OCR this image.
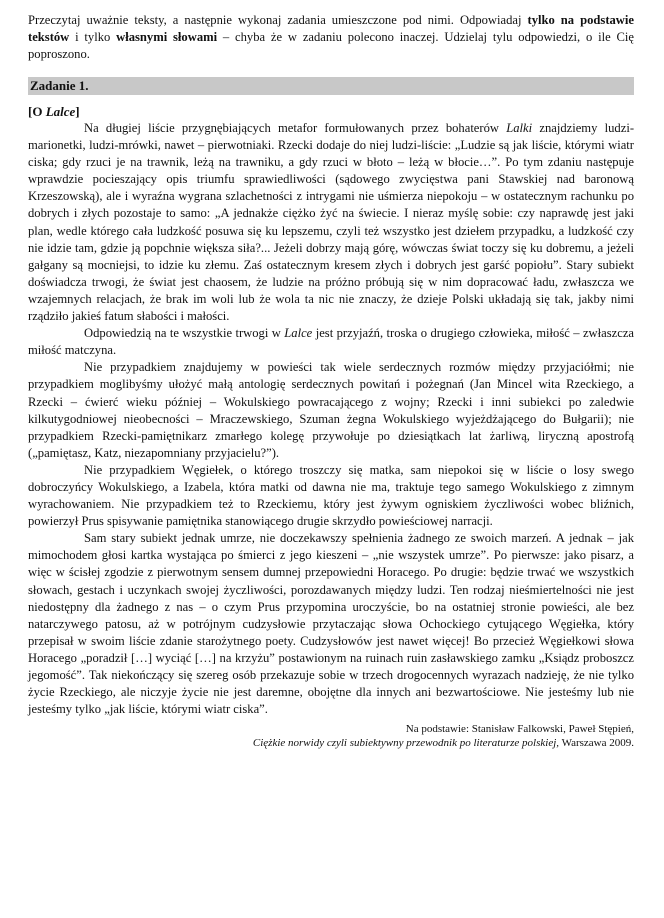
Przeczytaj uważnie teksty, a następnie wykonaj zadania umieszczone pod nimi. Odpowiadaj tylko na podstawie tekstów i tylko własnymi słowami – chyba że w zadaniu polecono inaczej. Udzielaj tylu odpowiedzi, o ile Cię poproszono.

Zadanie 1.
[O Lalce]

Na długiej liście przygnębiających metafor formułowanych przez bohaterów Lalki znajdziemy ludzi-marionetki, ludzi-mrówki, nawet – pierwotniaki. Rzecki dodaje do niej ludzi-liście: „Ludzie są jak liście, którymi wiatr ciska; gdy rzuci je na trawnik, leżą na trawniku, a gdy rzuci w błoto – leżą w błocie…”. Po tym zdaniu następuje wprawdzie pocieszający opis triumfu sprawiedliwości (sądowego zwycięstwa pani Stawskiej nad baronową Krzeszowską), ale i wyraźna wygrana szlachetności z intrygami nie uśmierza niepokoju – w ostatecznym rachunku po dobrych i złych pozostaje to samo: „A jednakże ciężko żyć na świecie. I nieraz myślę sobie: czy naprawdę jest jaki plan, wedle którego cała ludzkość posuwa się ku lepszemu, czyli też wszystko jest dziełem przypadku, a ludzkość czy nie idzie tam, gdzie ją popchnie większa siła?... Jeżeli dobrzy mają górę, wówczas świat toczy się ku dobremu, a jeżeli gałgany są mocniejsi, to idzie ku złemu. Zaś ostatecznym kresem złych i dobrych jest garść popiołu”. Stary subiekt doświadcza trwogi, że świat jest chaosem, że ludzie na próżno próbują się w nim dopracować ładu, zwłaszcza we wzajemnych relacjach, że brak im woli lub że wola ta nic nie znaczy, że dzieje Polski układają się tak, jakby nimi rządziło jakieś fatum słabości i małości.

Odpowiedzią na te wszystkie trwogi w Lalce jest przyjaźń, troska o drugiego człowieka, miłość – zwłaszcza miłość matczyna.

Nie przypadkiem znajdujemy w powieści tak wiele serdecznych rozmów między przyjaciółmi; nie przypadkiem moglibyśmy ułożyć małą antologię serdecznych powitań i pożegnań (Jan Mincel wita Rzeckiego, a Rzecki – ćwierć wieku później – Wokulskiego powracającego z wojny; Rzecki i inni subiekci po zaledwie kilkutygodniowej nieobecności – Mraczewskiego, Szuman żegna Wokulskiego wyjeżdżającego do Bułgarii); nie przypadkiem Rzecki-pamiętnikarz zmarłego kolegę przywołuje po dziesiątkach lat żarliwą, liryczną apostrofą („pamiętasz, Katz, niezapomniany przyjacielu?”).

Nie przypadkiem Węgiełek, o którego troszczy się matka, sam niepokoi się w liście o losy swego dobroczyńcy Wokulskiego, a Izabela, która matki od dawna nie ma, traktuje tego samego Wokulskiego z zimnym wyrachowaniem. Nie przypadkiem też to Rzeckiemu, który jest żywym ogniskiem życzliwości wobec bliźnich, powierzył Prus spisywanie pamiętnika stanowiącego drugie skrzydło powieściowej narracji.

Sam stary subiekt jednak umrze, nie doczekawszy spełnienia żadnego ze swoich marzeń. A jednak – jak mimochodem głosi kartka wystająca po śmierci z jego kieszeni – „nie wszystek umrze”. Po pierwsze: jako pisarz, a więc w ścisłej zgodzie z pierwotnym sensem dumnej przepowiedni Horacego. Po drugie: będzie trwać we wszystkich słowach, gestach i uczynkach swojej życzliwości, porozdawanych między ludzi. Ten rodzaj nieśmiertelności nie jest niedostępny dla żadnego z nas – o czym Prus przypomina uroczyście, bo na ostatniej stronie powieści, ale bez natarczywego patosu, aż w potrójnym cudzysłowie przytaczając słowa Ochockiego cytującego Węgiełka, który przepisał w swoim liście zdanie starożytnego poety. Cudzysłowów jest nawet więcej! Bo przecież Węgiełkowi słowa Horacego „poradził […] wyciąć […] na krzyżu” postawionym na ruinach ruin zasławskiego zamku „Ksiądz proboszcz jegomość”. Tak niekończący się szereg osób przekazuje sobie w trzech drogocennych wyrazach nadzieję, że nie tylko życie Rzeckiego, ale niczyje życie nie jest daremne, obojętne dla innych ani bezwartościowe. Nie jesteśmy lub nie jesteśmy tylko „jak liście, którymi wiatr ciska”.

Na podstawie: Stanisław Falkowski, Paweł Stępień,
Ciężkie norwidy czyli subiektywny przewodnik po literaturze polskiej, Warszawa 2009.
